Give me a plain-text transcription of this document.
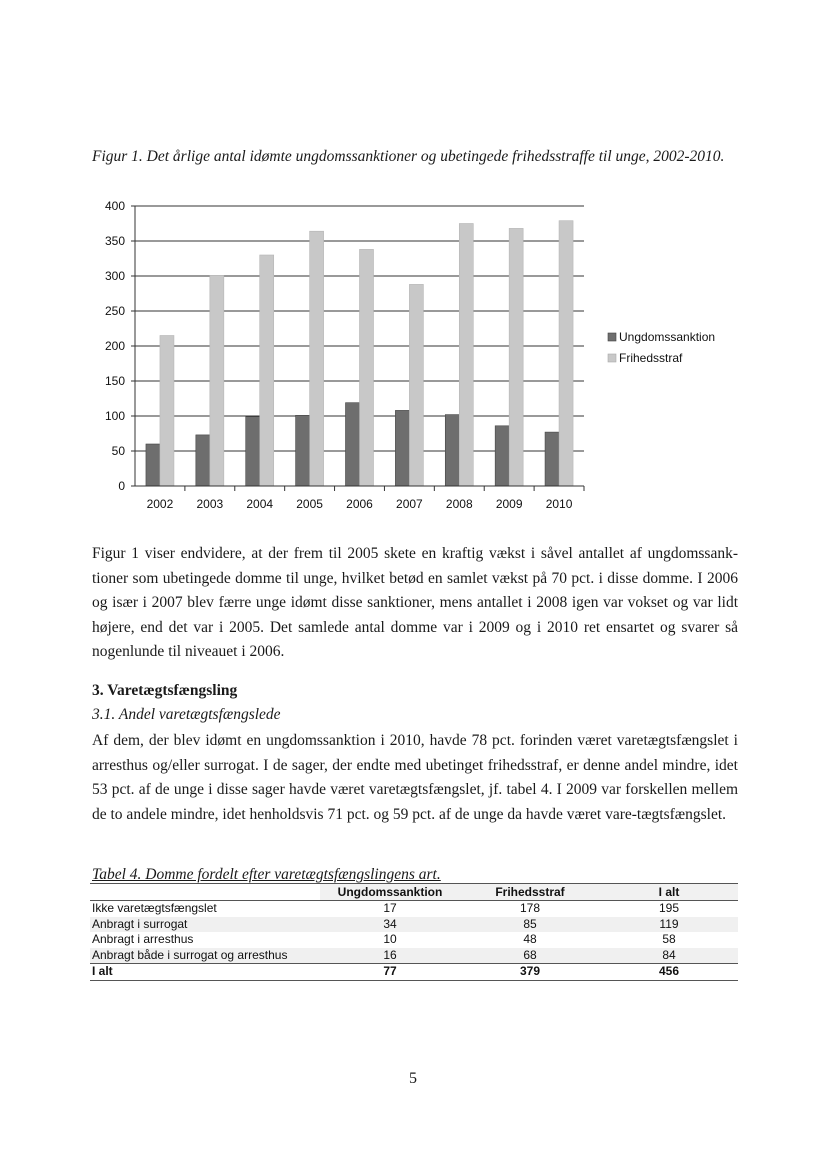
Figur 1. Det årlige antal idømte ungdomssanktioner og ubetingede frihedsstraffe til unge, 2002-2010.
0
50
100
150
200
250
300
350
400
2002 2003 2004 2005 2006 2007 2008 2009 2010
Ungdomssanktion
Frihedsstraf
Figur 1 viser endvidere, at der frem til 2005 skete en kraftig vækst i såvel antallet af ungdomssank-tioner som ubetingede domme til unge, hvilket betød en samlet vækst på 70 pct. i disse domme. I 2006 og især i 2007 blev færre unge idømt disse sanktioner, mens antallet i 2008 igen var vokset og var lidt højere, end det var i 2005. Det samlede antal domme var i 2009 og i 2010 ret ensartet og svarer så nogenlunde til niveauet i 2006.
3. Varetægtsfængsling
3.1. Andel varetægtsfængslede
Af dem, der blev idømt en ungdomssanktion i 2010, havde 78 pct. forinden været varetægtsfængslet i arresthus og/eller surrogat. I de sager, der endte med ubetinget frihedsstraf, er denne andel mindre, idet 53 pct. af de unge i disse sager havde været varetægtsfængslet, jf. tabel 4. I 2009 var forskellen mellem de to andele mindre, idet henholdsvis 71 pct. og 59 pct. af de unge da havde været vare-tægtsfængslet.
Tabel 4. Domme fordelt efter varetægtsfængslingens art.
	Ungdomssanktion	Frihedsstraf	I alt
Ikke varetægtsfængslet	17	178	195
Anbragt i surrogat	34	85	119
Anbragt i arresthus	10	48	58
Anbragt både i surrogat og arresthus	16	68	84
I alt	77	379	456
5
